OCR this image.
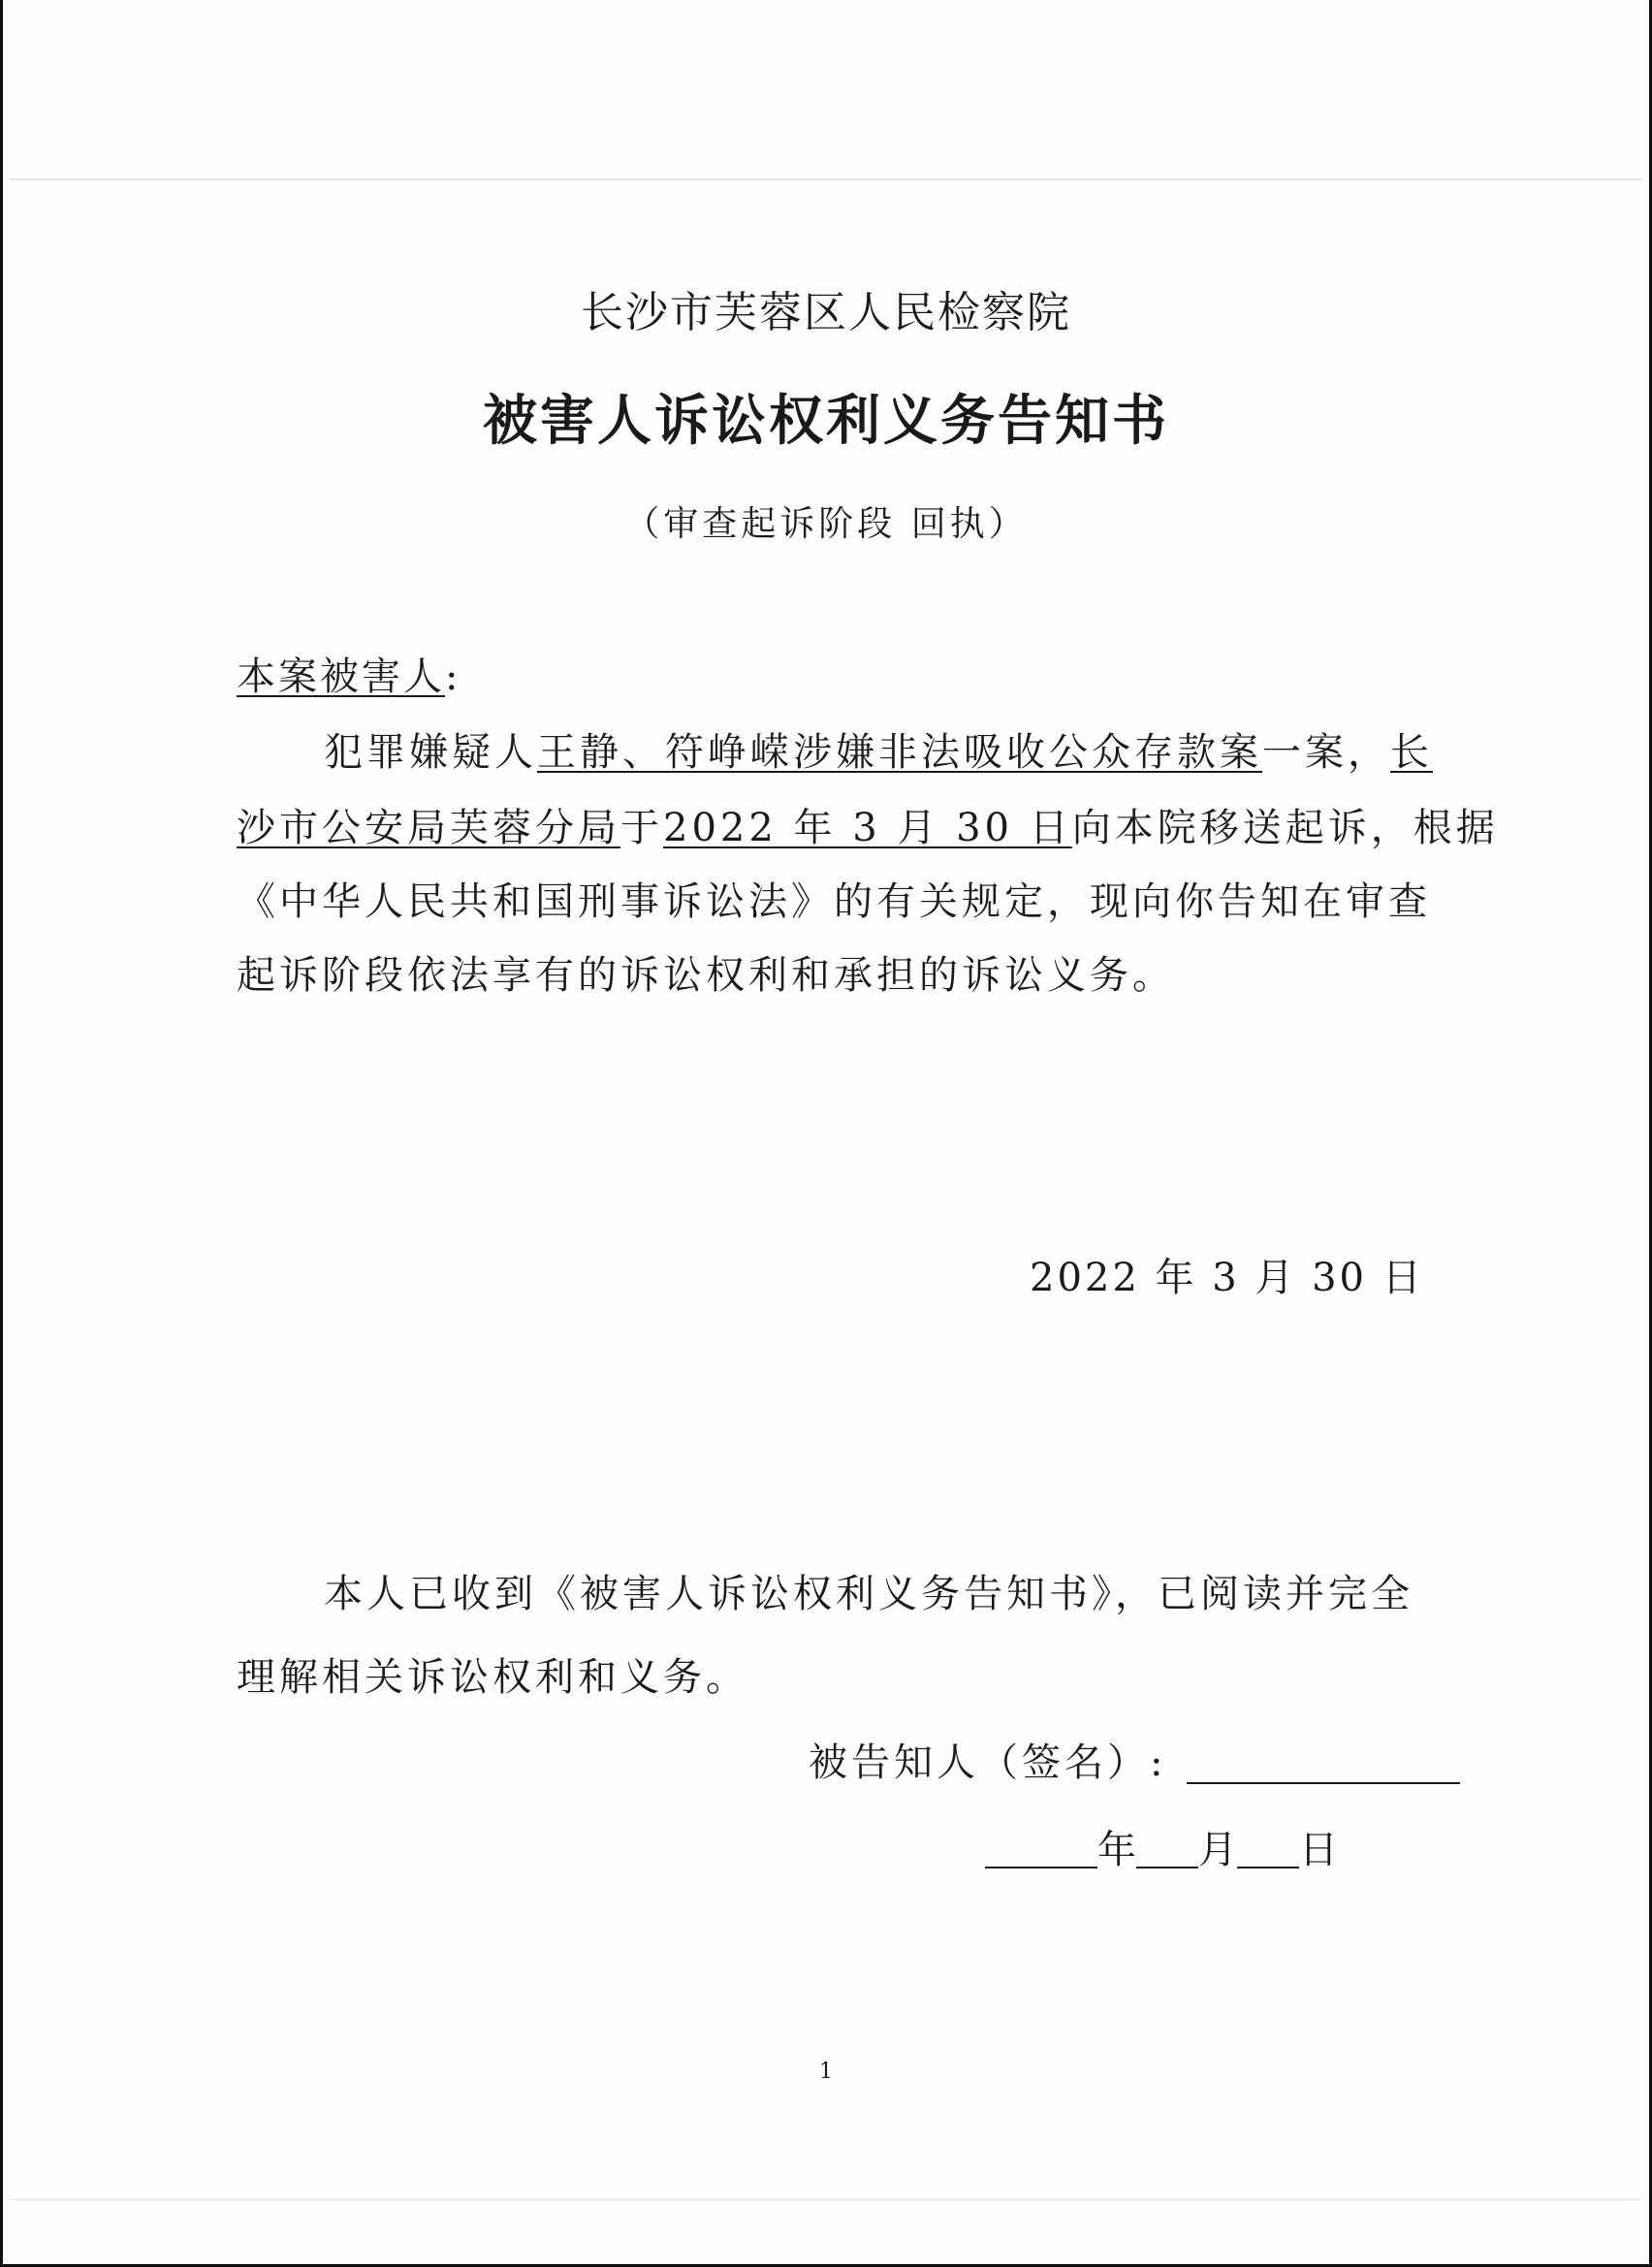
长沙市芙蓉区人民检察院
被害人诉讼权利义务告知书
（审查起诉阶段 回执）
本案被害人:
犯罪嫌疑人王静、符峥嵘涉嫌非法吸收公众存款案一案，长
沙市公安局芙蓉分局于2022 年 3 月 30 日向本院移送起诉，根据
《中华人民共和国刑事诉讼法》的有关规定，现向你告知在审查
起诉阶段依法享有的诉讼权利和承担的诉讼义务。
2022 年 3 月 30 日
本人已收到《被害人诉讼权利义务告知书》，已阅读并完全
理解相关诉讼权利和义务。
被告知人（签名）:
年 月 日
1
